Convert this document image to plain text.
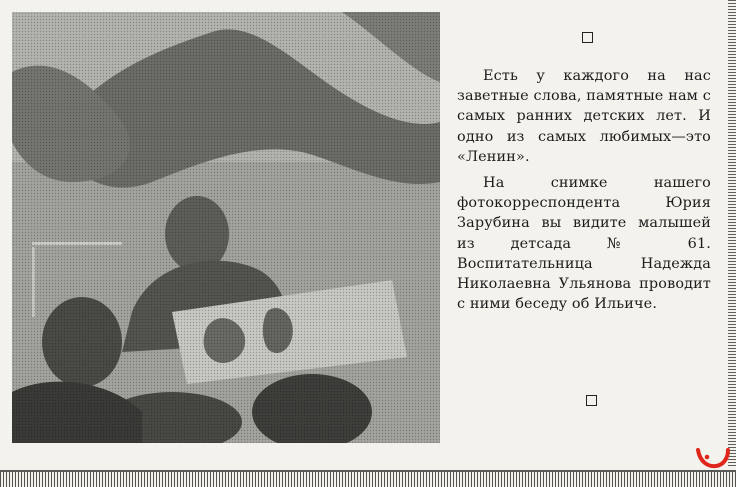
Есть у каждого на нас заветные слова, памятные нам с самых ранних детских лет. И одно из самых любимых—это «Ленин».

На снимке нашего фотокорреспондента Юрия Зарубина вы видите малышей из детсада № 61. Воспитательница Надежда Николаевна Ульянова проводит с ними беседу об Ильиче.
